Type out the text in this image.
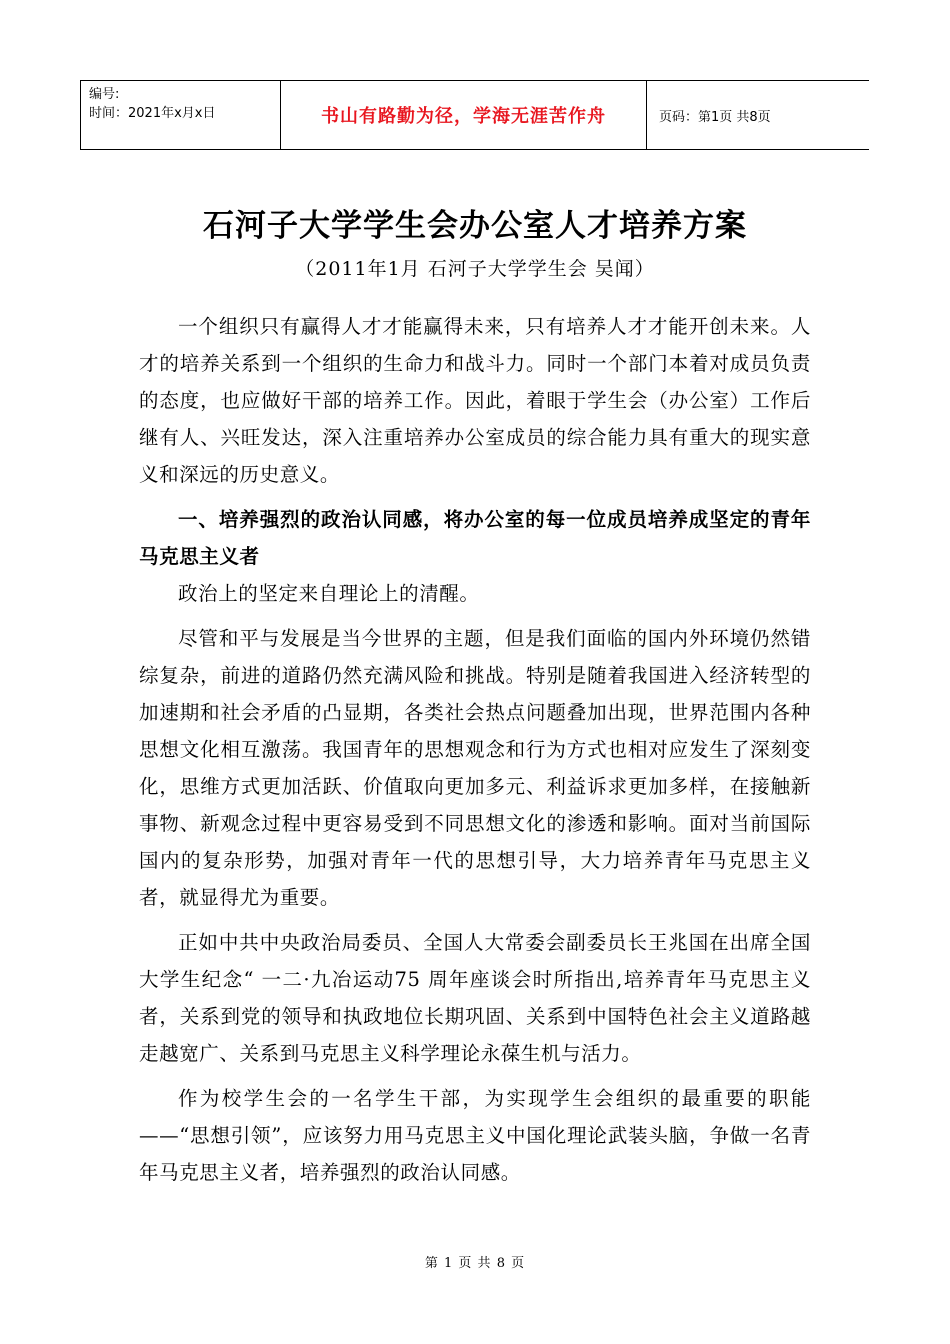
编号:
时间：2021年x月x日	书山有路勤为径，学海无涯苦作舟	页码：第1页 共8页
石河子大学学生会办公室人才培养方案
（2011年1月 石河子大学学生会 吴闻）

一个组织只有赢得人才才能赢得未来，只有培养人才才能开创未来。人才的培养关系到一个组织的生命力和战斗力。同时一个部门本着对成员负责的态度，也应做好干部的培养工作。因此，着眼于学生会（办公室）工作后继有人、兴旺发达，深入注重培养办公室成员的综合能力具有重大的现实意义和深远的历史意义。

一、培养强烈的政治认同感，将办公室的每一位成员培养成坚定的青年马克思主义者

政治上的坚定来自理论上的清醒。

尽管和平与发展是当今世界的主题，但是我们面临的国内外环境仍然错综复杂，前进的道路仍然充满风险和挑战。特别是随着我国进入经济转型的加速期和社会矛盾的凸显期，各类社会热点问题叠加出现，世界范围内各种思想文化相互激荡。我国青年的思想观念和行为方式也相对应发生了深刻变化，思维方式更加活跃、价值取向更加多元、利益诉求更加多样，在接触新事物、新观念过程中更容易受到不同思想文化的渗透和影响。面对当前国际国内的复杂形势，加强对青年一代的思想引导，大力培养青年马克思主义者，就显得尤为重要。

正如中共中央政治局委员、全国人大常委会副委员长王兆国在出席全国大学生纪念“ 一二·九冶运动75 周年座谈会时所指出,培养青年马克思主义者，关系到党的领导和执政地位长期巩固、关系到中国特色社会主义道路越走越宽广、关系到马克思主义科学理论永葆生机与活力。

作为校学生会的一名学生干部，为实现学生会组织的最重要的职能——“思想引领”，应该努力用马克思主义中国化理论武装头脑，争做一名青年马克思主义者，培养强烈的政治认同感。

第 1 页 共 8 页
